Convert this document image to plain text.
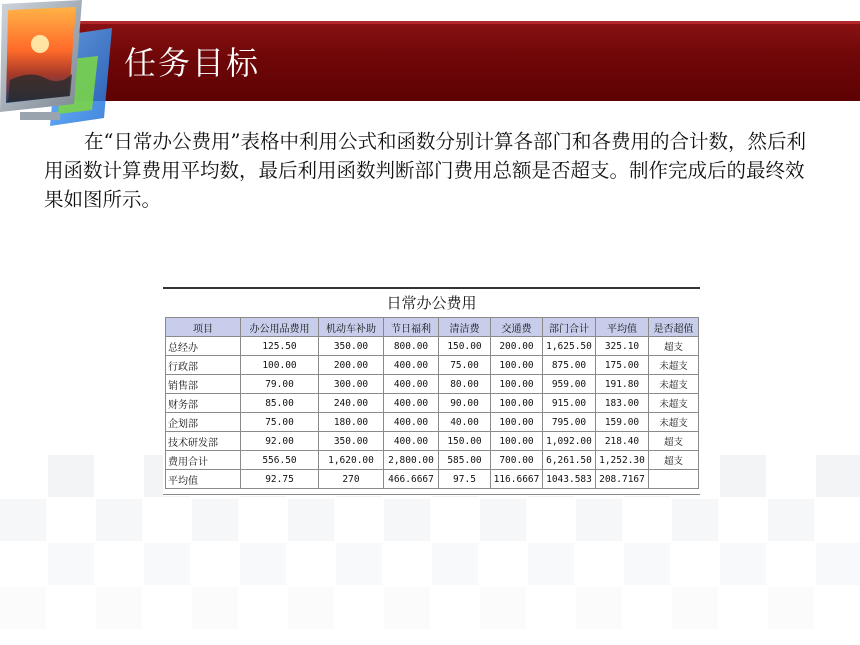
任务目标

在“日常办公费用”表格中利用公式和函数分别计算各部门和各费用的合计数，然后利用函数计算费用平均数，最后利用函数判断部门费用总额是否超支。制作完成后的最终效果如图所示。

日常办公费用
项目	办公用品费用	机动车补助	节日福利	清洁费	交通费	部门合计	平均值	是否超值
总经办	125.50	350.00	800.00	150.00	200.00	1,625.50	325.10	超支
行政部	100.00	200.00	400.00	75.00	100.00	875.00	175.00	未超支
销售部	79.00	300.00	400.00	80.00	100.00	959.00	191.80	未超支
财务部	85.00	240.00	400.00	90.00	100.00	915.00	183.00	未超支
企划部	75.00	180.00	400.00	40.00	100.00	795.00	159.00	未超支
技术研发部	92.00	350.00	400.00	150.00	100.00	1,092.00	218.40	超支
费用合计	556.50	1,620.00	2,800.00	585.00	700.00	6,261.50	1,252.30	超支
平均值	92.75	270	466.6667	97.5	116.6667	1043.583	208.7167	
